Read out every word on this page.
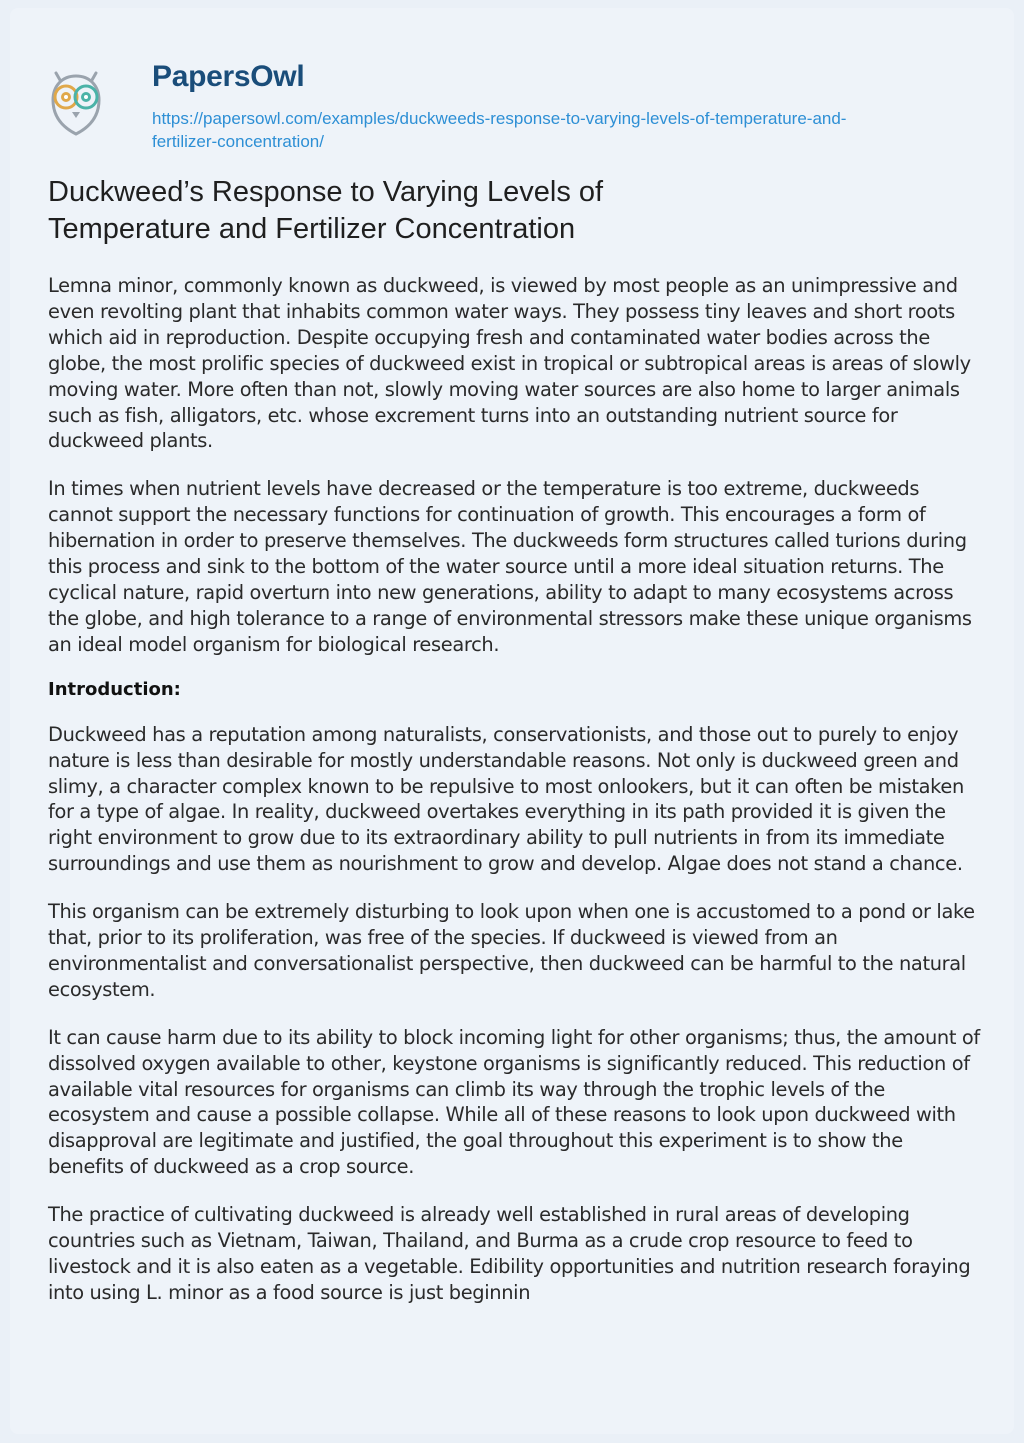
PapersOwl
https://papersowl.com/examples/duckweeds-response-to-varying-levels-of-temperature-and-
fertilizer-concentration/
Duckweed’s Response to Varying Levels of
Temperature and Fertilizer Concentration

Lemna minor, commonly known as duckweed, is viewed by most people as an unimpressive and even revolting plant that inhabits common water ways. They possess tiny leaves and short roots which aid in reproduction. Despite occupying fresh and contaminated water bodies across the globe, the most prolific species of duckweed exist in tropical or subtropical areas is areas of slowly moving water. More often than not, slowly moving water sources are also home to larger animals such as fish, alligators, etc. whose excrement turns into an outstanding nutrient source for duckweed plants.

In times when nutrient levels have decreased or the temperature is too extreme, duckweeds cannot support the necessary functions for continuation of growth. This encourages a form of hibernation in order to preserve themselves. The duckweeds form structures called turions during this process and sink to the bottom of the water source until a more ideal situation returns. The cyclical nature, rapid overturn into new generations, ability to adapt to many ecosystems across the globe, and high tolerance to a range of environmental stressors make these unique organisms an ideal model organism for biological research.

Introduction:

Duckweed has a reputation among naturalists, conservationists, and those out to purely to enjoy nature is less than desirable for mostly understandable reasons. Not only is duckweed green and slimy, a character complex known to be repulsive to most onlookers, but it can often be mistaken for a type of algae. In reality, duckweed overtakes everything in its path provided it is given the right environment to grow due to its extraordinary ability to pull nutrients in from its immediate surroundings and use them as nourishment to grow and develop. Algae does not stand a chance.

This organism can be extremely disturbing to look upon when one is accustomed to a pond or lake that, prior to its proliferation, was free of the species. If duckweed is viewed from an environmentalist and conversationalist perspective, then duckweed can be harmful to the natural ecosystem.

It can cause harm due to its ability to block incoming light for other organisms; thus, the amount of dissolved oxygen available to other, keystone organisms is significantly reduced. This reduction of available vital resources for organisms can climb its way through the trophic levels of the ecosystem and cause a possible collapse. While all of these reasons to look upon duckweed with disapproval are legitimate and justified, the goal throughout this experiment is to show the benefits of duckweed as a crop source.

The practice of cultivating duckweed is already well established in rural areas of developing countries such as Vietnam, Taiwan, Thailand, and Burma as a crude crop resource to feed to livestock and it is also eaten as a vegetable. Edibility opportunities and nutrition research foraying into using L. minor as a food source is just beginnin
